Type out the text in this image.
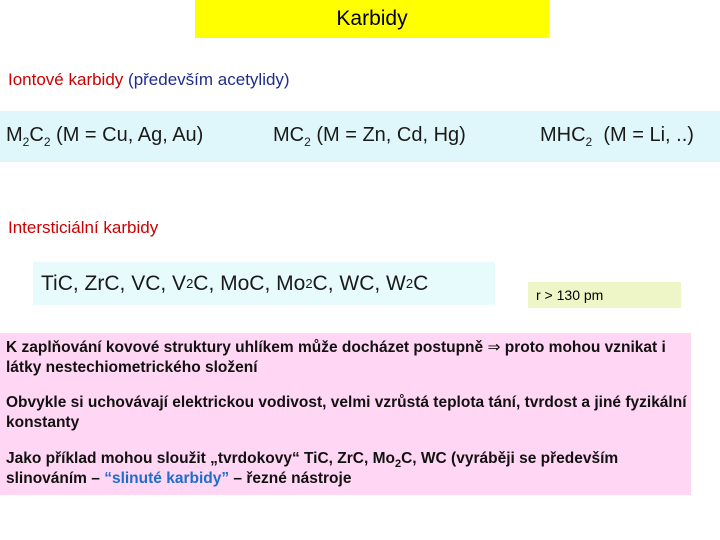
Karbidy
Iontové karbidy (především acetylidy)
$M_2C_2$ (M = Cu, Ag, Au)	$MC_2$ (M = Zn, Cd, Hg)	$MHC_2$  (M = Li, ..)
Intersticiální karbidy
TiC, ZrC, VC, V 2 C, MoC, Mo 2 C, WC, W 2 C
r > 130 pm
K zaplňování kovové struktury uhlíkem může docházet postupně ⇒ proto mohou vznikat i látky nestechiometrického složení
Obvykle si uchovávají elektrickou vodivost, velmi vzrůstá teplota tání, tvrdost a jiné fyzikální konstanty
Jako příklad mohou sloužit „tvrdokovy“ TiC, ZrC, $Mo_2C$, WC (vyráběji se především slinováním – “slinuté karbidy” – řezné nástroje
